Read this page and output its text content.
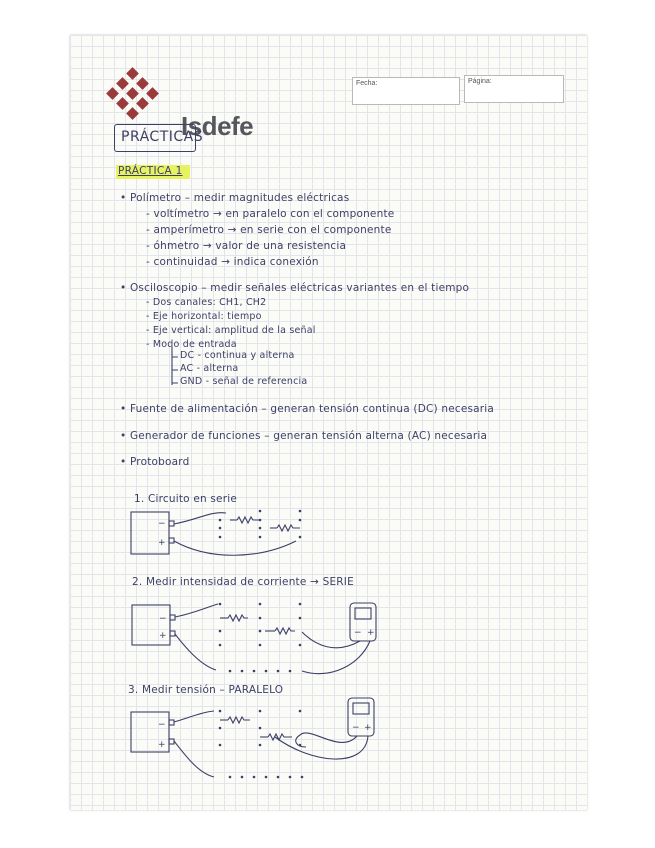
Isdefe
Fecha:	Página:
PRÁCTICAS
PRÁCTICA 1
• Polímetro – medir magnitudes eléctricas
- voltímetro → en paralelo con el componente
- amperímetro → en serie con el componente
- óhmetro → valor de una resistencia
- continuidad → indica conexión
• Osciloscopio – medir señales eléctricas variantes en el tiempo
- Dos canales: CH1, CH2
- Eje horizontal: tiempo
- Eje vertical: amplitud de la señal
- Modo de entrada
DC - continua y alterna
AC - alterna
GND - señal de referencia
• Fuente de alimentación – generan tensión continua (DC) necesaria
• Generador de funciones – generan tensión alterna (AC) necesaria
• Protoboard
1. Circuito en serie
2. Medir intensidad de corriente → SERIE
3. Medir tensión – PARALELO
−
+
−
+	− +
−
+
− +
